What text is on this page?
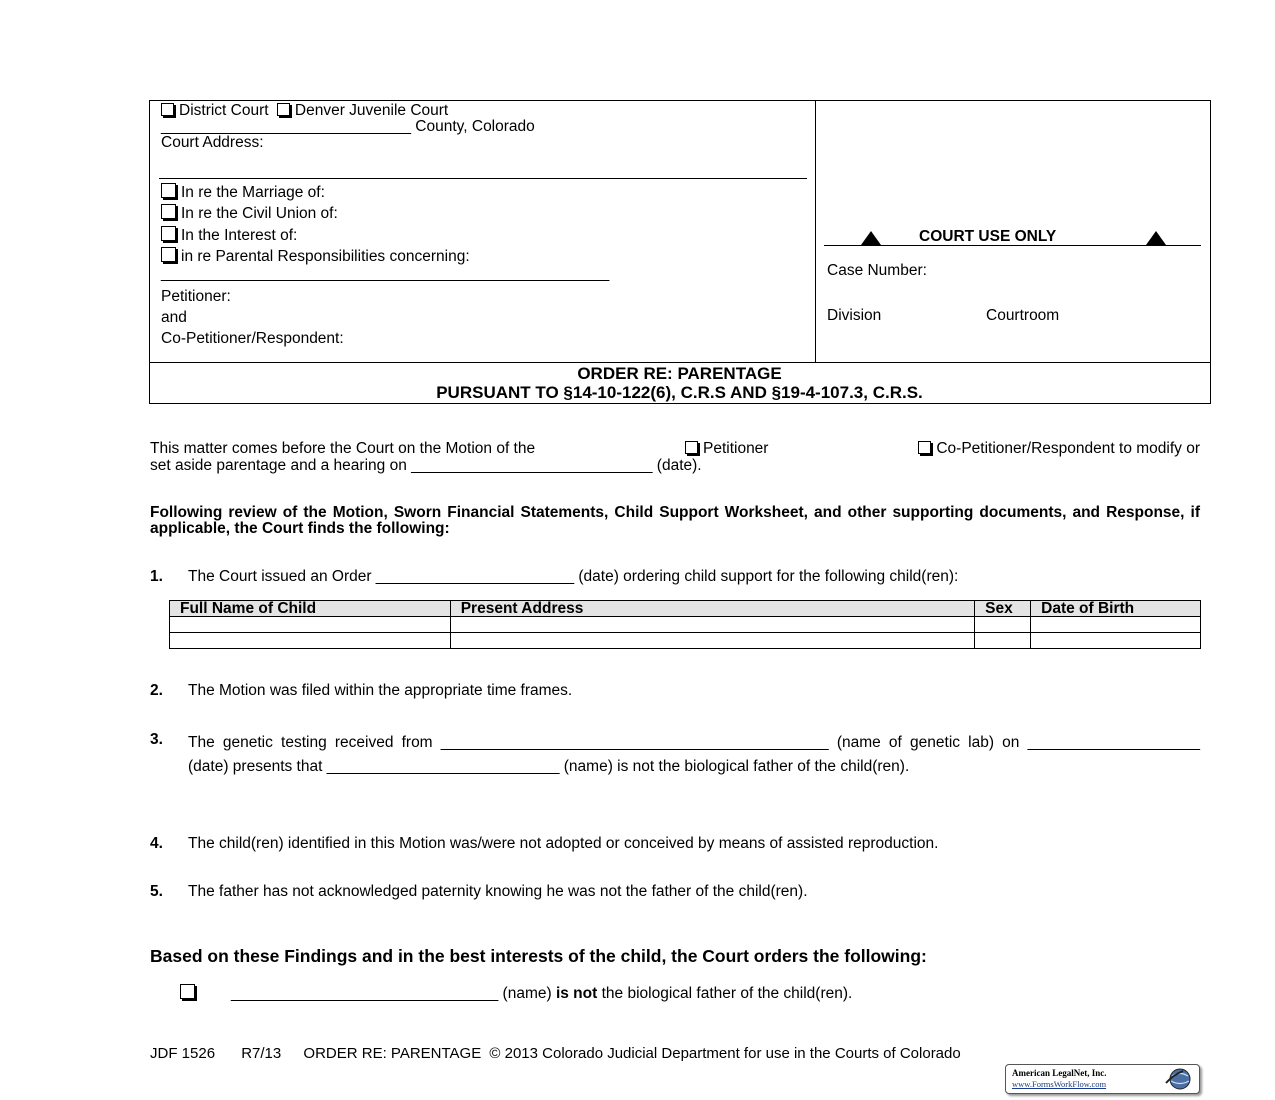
District Court Denver Juvenile Court
_____________________________ County, Colorado
Court Address:
In re the Marriage of:
In re the Civil Union of:
In the Interest of:
in re Parental Responsibilities concerning:
____________________________________________________
Petitioner:
and
Co-Petitioner/Respondent:
COURT USE ONLY
Case Number:
Division	Courtroom
ORDER RE: PARENTAGE
PURSUANT TO §14-10-122(6), C.R.S AND §19-4-107.3, C.R.S.
This matter comes before the Court on the Motion of the	Petitioner	Co-Petitioner/Respondent to modify or
set aside parentage and a hearing on ____________________________ (date).
Following review of the Motion, Sworn Financial Statements, Child Support Worksheet, and other supporting documents, and Response, if applicable, the Court finds the following:
1. The Court issued an Order _______________________ (date) ordering child support for the following child(ren):
Full Name of Child	Present Address	Sex	Date of Birth

2. The Motion was filed within the appropriate time frames.
3. The genetic testing received from _____________________________________________ (name of genetic lab) on ____________________ (date) presents that ___________________________ (name) is not the biological father of the child(ren).
4. The child(ren) identified in this Motion was/were not adopted or conceived by means of assisted reproduction.
5. The father has not acknowledged paternity knowing he was not the father of the child(ren).
Based on these Findings and in the best interests of the child, the Court orders the following:
_______________________________ (name) is not the biological father of the child(ren).
JDF 1526 R7/13 ORDER RE: PARENTAGE © 2013 Colorado Judicial Department for use in the Courts of Colorado
American LegalNet, Inc.
www.FormsWorkFlow.com
